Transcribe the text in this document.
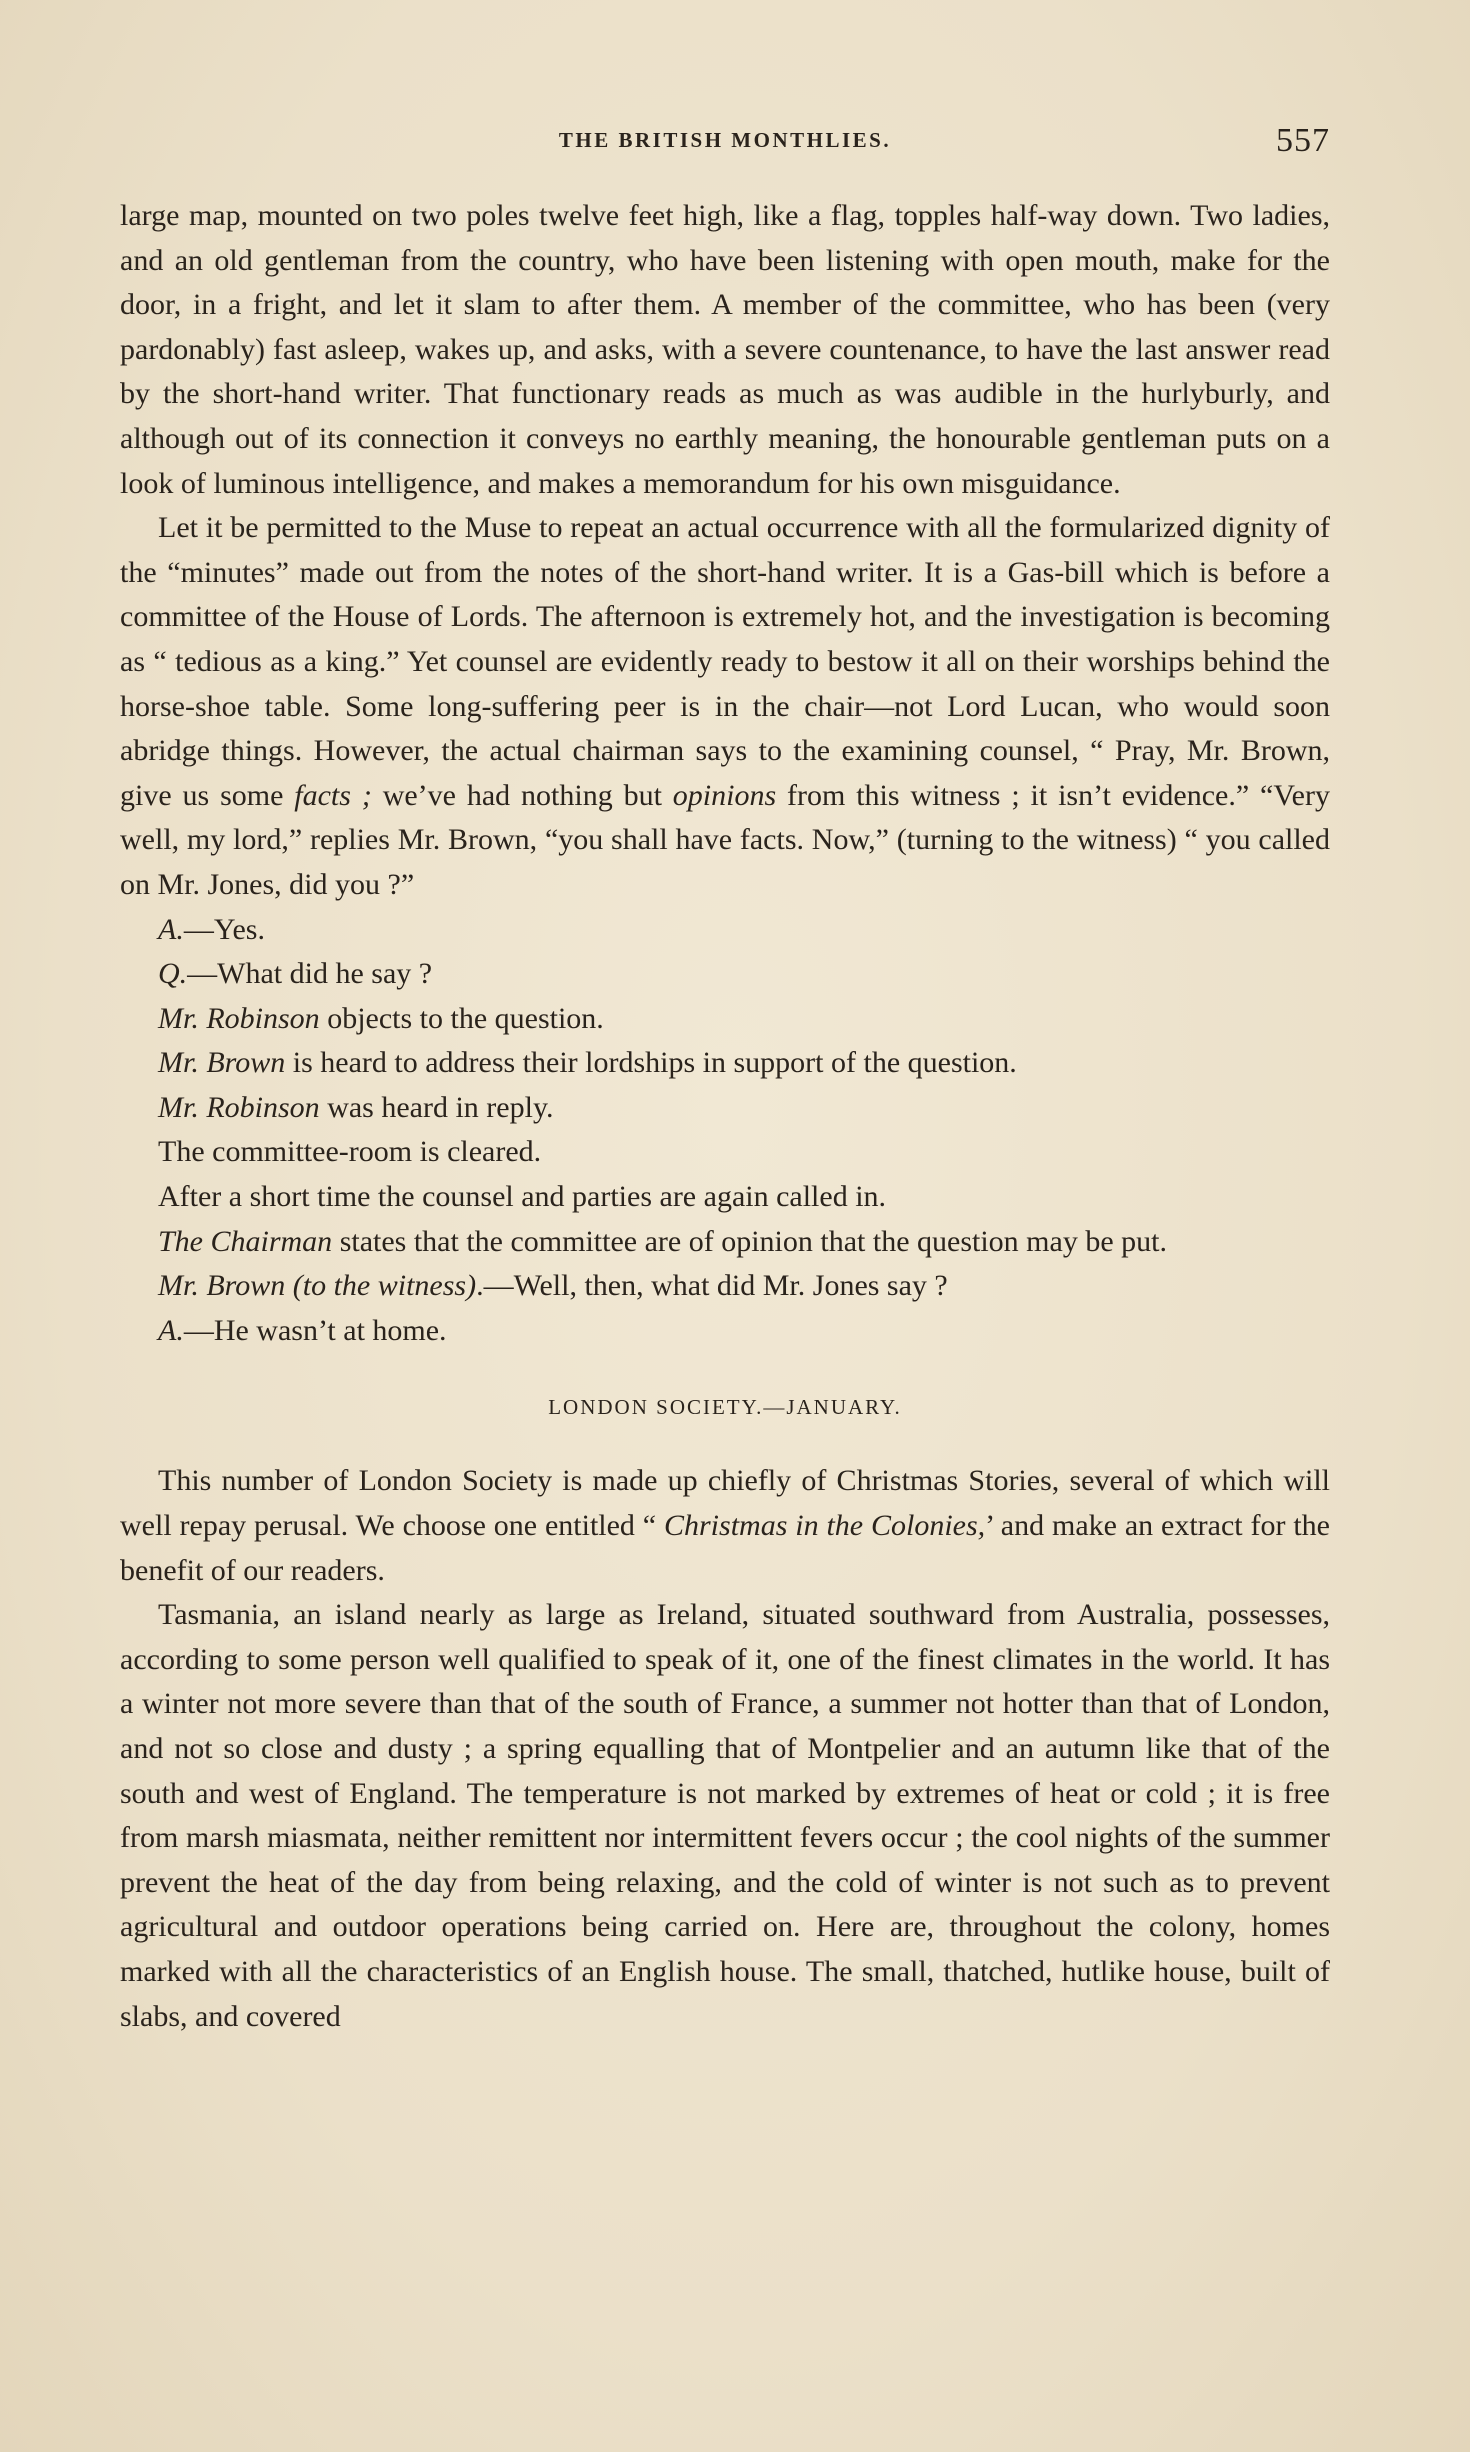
THE BRITISH MONTHLIES.	557

large map, mounted on two poles twelve feet high, like a flag, topples half-way down. Two ladies, and an old gentleman from the country, who have been listening with open mouth, make for the door, in a fright, and let it slam to after them. A member of the committee, who has been (very pardonably) fast asleep, wakes up, and asks, with a severe countenance, to have the last answer read by the short-hand writer. That functionary reads as much as was audible in the hurlyburly, and although out of its connection it conveys no earthly meaning, the honourable gentleman puts on a look of luminous intelligence, and makes a memorandum for his own misguidance.

Let it be permitted to the Muse to repeat an actual occurrence with all the formularized dignity of the “minutes” made out from the notes of the short-hand writer. It is a Gas-bill which is before a committee of the House of Lords. The afternoon is extremely hot, and the investigation is becoming as “ tedious as a king.” Yet counsel are evidently ready to bestow it all on their worships behind the horse-shoe table. Some long-suffering peer is in the chair—not Lord Lucan, who would soon abridge things. However, the actual chairman says to the examining counsel, “ Pray, Mr. Brown, give us some facts ; we’ve had nothing but opinions from this witness ; it isn’t evidence.” “Very well, my lord,” replies Mr. Brown, “you shall have facts. Now,” (turning to the witness) “ you called on Mr. Jones, did you ?”

A.—Yes.

Q.—What did he say ?

Mr. Robinson objects to the question.

Mr. Brown is heard to address their lordships in support of the question.

Mr. Robinson was heard in reply.

The committee-room is cleared.

After a short time the counsel and parties are again called in.

The Chairman states that the committee are of opinion that the question may be put.

Mr. Brown (to the witness).—Well, then, what did Mr. Jones say ?

A.—He wasn’t at home.

LONDON SOCIETY.—JANUARY.

This number of London Society is made up chiefly of Christmas Stories, several of which will well repay perusal. We choose one entitled “ Christmas in the Colonies,’ and make an extract for the benefit of our readers.

Tasmania, an island nearly as large as Ireland, situated southward from Australia, possesses, according to some person well qualified to speak of it, one of the finest climates in the world. It has a winter not more severe than that of the south of France, a summer not hotter than that of London, and not so close and dusty ; a spring equalling that of Montpelier and an autumn like that of the south and west of England. The temperature is not marked by extremes of heat or cold ; it is free from marsh miasmata, neither remittent nor intermittent fevers occur ; the cool nights of the summer prevent the heat of the day from being relaxing, and the cold of winter is not such as to prevent agricultural and outdoor operations being carried on. Here are, throughout the colony, homes marked with all the characteristics of an English house. The small, thatched, hutlike house, built of slabs, and covered
